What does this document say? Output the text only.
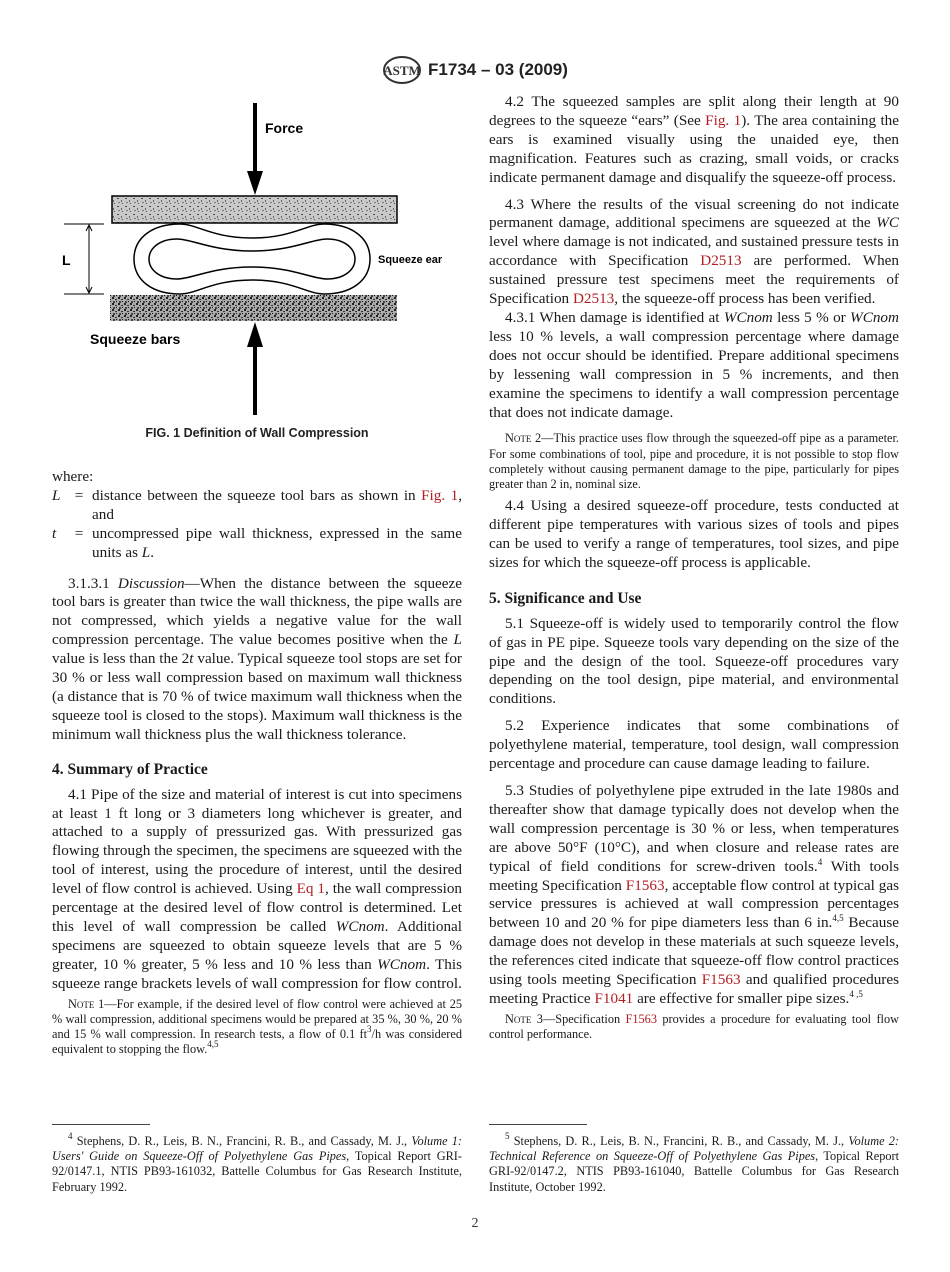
ASTM F1734 – 03 (2009)
Force
L	Squeeze ear
Squeeze bars
FIG. 1 Definition of Wall Compression

where:

L = distance between the squeeze tool bars as shown in Fig. 1, and
t	= uncompressed pipe wall thickness, expressed in the same units as L.

3.1.3.1 Discussion—When the distance between the squeeze tool bars is greater than twice the wall thickness, the pipe walls are not compressed, which yields a negative value for the wall compression percentage. The value becomes positive when the L value is less than the 2t value. Typical squeeze tool stops are set for 30 % or less wall compression based on maximum wall thickness (a distance that is 70 % of twice maximum wall thickness when the squeeze tool is closed to the stops). Maximum wall thickness is the minimum wall thickness plus the wall thickness tolerance.

4. Summary of Practice

4.1 Pipe of the size and material of interest is cut into specimens at least 1 ft long or 3 diameters long whichever is greater, and attached to a supply of pressurized gas. With pressurized gas flowing through the specimen, the specimens are squeezed with the tool of interest, using the procedure of interest, until the desired level of flow control is achieved. Using Eq 1, the wall compression percentage at the desired level of flow control is determined. Let this level of wall compression be called WCnom. Additional specimens are squeezed to obtain squeeze levels that are 5 % greater, 10 % greater, 5 % less and 10 % less than WCnom. This squeeze range brackets levels of wall compression for flow control.

Note 1—For example, if the desired level of flow control were achieved at 25 % wall compression, additional specimens would be prepared at 35 %, 30 %, 20 % and 15 % wall compression. In research tests, a flow of 0.1 $ft^3/h$ was considered equivalent to stopping the flow.$^{4,5}$

$^4$ Stephens, D. R., Leis, B. N., Francini, R. B., and Cassady, M. J., Volume 1: Users' Guide on Squeeze-Off of Polyethylene Gas Pipes, Topical Report GRI-92/0147.1, NTIS PB93-161032, Battelle Columbus for Gas Research Institute, February 1992.

4.2 The squeezed samples are split along their length at 90 degrees to the squeeze “ears” (See Fig. 1). The area containing the ears is examined visually using the unaided eye, then magnification. Features such as crazing, small voids, or cracks indicate permanent damage and disqualify the squeeze-off process.

4.3 Where the results of the visual screening do not indicate permanent damage, additional specimens are squeezed at the WC level where damage is not indicated, and sustained pressure tests in accordance with Specification D2513 are performed. When sustained pressure test specimens meet the requirements of Specification D2513, the squeeze-off process has been verified.

4.3.1 When damage is identified at WCnom less 5 % or WCnom less 10 % levels, a wall compression percentage where damage does not occur should be identified. Prepare additional specimens by lessening wall compression in 5 % increments, and then examine the specimens to identify a wall compression percentage that does not indicate damage.

Note 2—This practice uses flow through the squeezed-off pipe as a parameter. For some combinations of tool, pipe and procedure, it is not possible to stop flow completely without causing permanent damage to the pipe, particularly for pipes greater than 2 in, nominal size.

4.4 Using a desired squeeze-off procedure, tests conducted at different pipe temperatures with various sizes of tools and pipes can be used to verify a range of temperatures, tool sizes, and pipe sizes for which the squeeze-off process is applicable.

5. Significance and Use

5.1 Squeeze-off is widely used to temporarily control the flow of gas in PE pipe. Squeeze tools vary depending on the size of the pipe and the design of the tool. Squeeze-off procedures vary depending on the tool design, pipe material, and environmental conditions.

5.2 Experience indicates that some combinations of polyethylene material, temperature, tool design, wall compression percentage and procedure can cause damage leading to failure.

5.3 Studies of polyethylene pipe extruded in the late 1980s and thereafter show that damage typically does not develop when the wall compression percentage is 30 % or less, when temperatures are above 50°F (10°C), and when closure and release rates are typical of field conditions for screw-driven tools.$^4$ With tools meeting Specification F1563, acceptable flow control at typical gas service pressures is achieved at wall compression percentages between 10 and 20 % for pipe diameters less than 6 in.$^{4,5}$ Because damage does not develop in these materials at such squeeze levels, the references cited indicate that squeeze-off flow control practices using tools meeting Specification F1563 and qualified procedures meeting Practice F1041 are effective for smaller pipe sizes.$^{4 ,5}$

Note 3—Specification F1563 provides a procedure for evaluating tool flow control performance.

$^5$ Stephens, D. R., Leis, B. N., Francini, R. B., and Cassady, M. J., Volume 2: Technical Reference on Squeeze-Off of Polyethylene Gas Pipes, Topical Report GRI-92/0147.2, NTIS PB93-161040, Battelle Columbus for Gas Research Institute, October 1992.

2
